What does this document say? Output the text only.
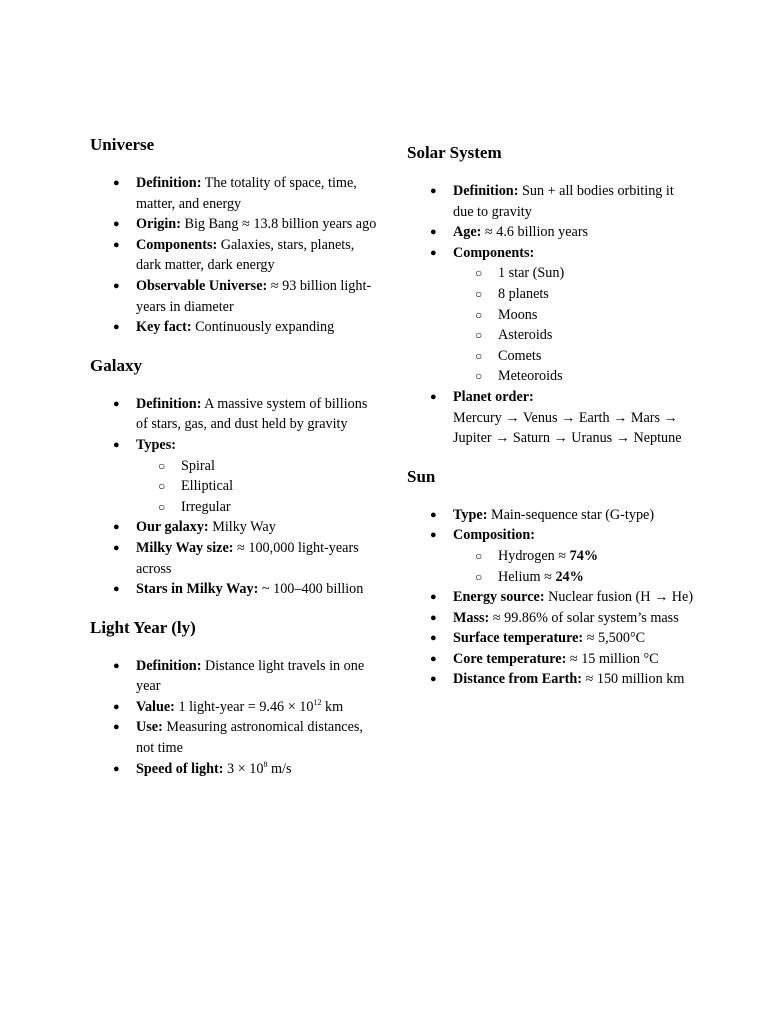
Universe
● Definition: The totality of space, time, matter, and energy
● Origin: Big Bang ≈ 13.8 billion years ago
● Components: Galaxies, stars, planets, dark matter, dark energy
● Observable Universe: ≈ 93 billion light-years in diameter
● Key fact: Continuously expanding
Galaxy
● Definition: A massive system of billions of stars, gas, and dust held by gravity
● Types:
○ Spiral
○ Elliptical
○ Irregular
● Our galaxy: Milky Way
● Milky Way size: ≈ 100,000 light-years across
● Stars in Milky Way: ~ 100–400 billion
Light Year (ly)
● Definition: Distance light travels in one year
● Value: 1 light-year = $9.46 \times 10^{12}$ km
● Use: Measuring astronomical distances, not time
● Speed of light: $3 \times 10^8$ m/s
Solar System
● Definition: Sun + all bodies orbiting it due to gravity
● Age: ≈ 4.6 billion years
● Components:
○ 1 star (Sun)
○ 8 planets
○ Moons
○ Asteroids
○ Comets
○ Meteoroids
● Planet order:
Mercury → Venus → Earth → Mars → Jupiter → Saturn → Uranus → Neptune
Sun
● Type: Main-sequence star (G-type)
● Composition:
○ Hydrogen ≈ 74%
○ Helium ≈ 24%
● Energy source: Nuclear fusion (H → He)
● Mass: ≈ 99.86% of solar system’s mass
● Surface temperature: ≈ 5,500°C
● Core temperature: ≈ 15 million °C
● Distance from Earth: ≈ 150 million km
